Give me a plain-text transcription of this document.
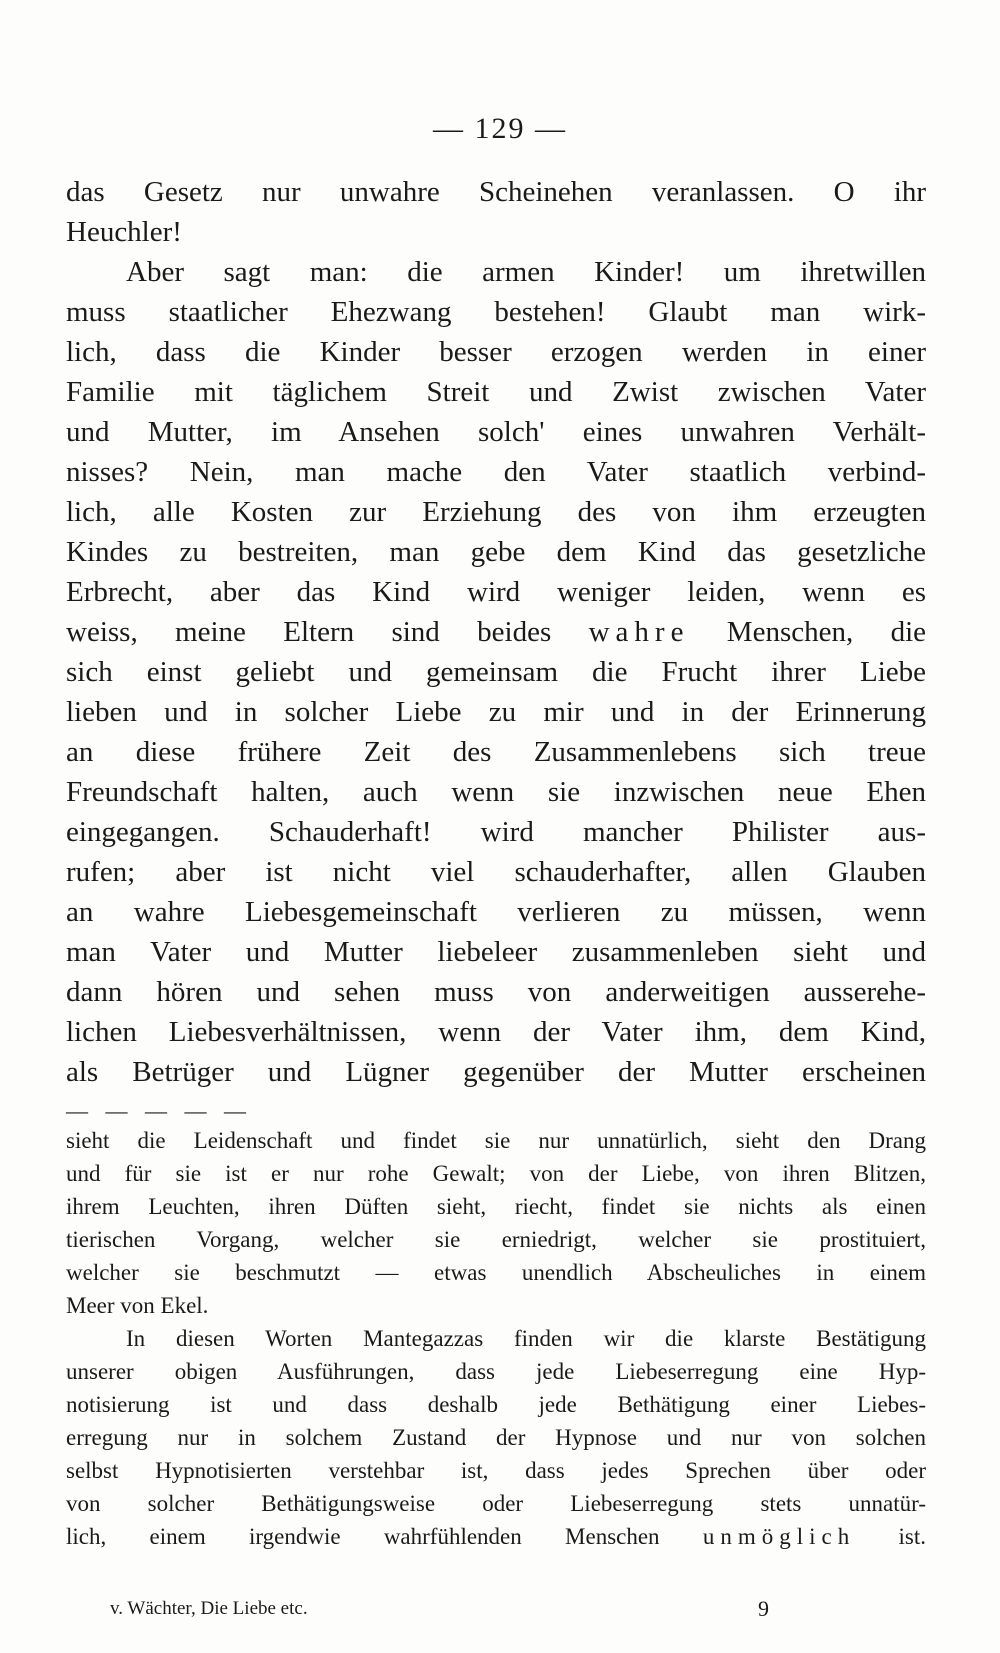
— 129 —
das Gesetz nur unwahre Scheinehen veranlassen. O ihr
Heuchler!
Aber sagt man: die armen Kinder! um ihretwillen
muss staatlicher Ehezwang bestehen! Glaubt man wirk-
lich, dass die Kinder besser erzogen werden in einer
Familie mit täglichem Streit und Zwist zwischen Vater
und Mutter, im Ansehen solch' eines unwahren Verhält-
nisses? Nein, man mache den Vater staatlich verbind-
lich, alle Kosten zur Erziehung des von ihm erzeugten
Kindes zu bestreiten, man gebe dem Kind das gesetzliche
Erbrecht, aber das Kind wird weniger leiden, wenn es
weiss, meine Eltern sind beides wahre Menschen, die
sich einst geliebt und gemeinsam die Frucht ihrer Liebe
lieben und in solcher Liebe zu mir und in der Erinnerung
an diese frühere Zeit des Zusammenlebens sich treue
Freundschaft halten, auch wenn sie inzwischen neue Ehen
eingegangen. Schauderhaft! wird mancher Philister aus-
rufen; aber ist nicht viel schauderhafter, allen Glauben
an wahre Liebesgemeinschaft verlieren zu müssen, wenn
man Vater und Mutter liebeleer zusammenleben sieht und
dann hören und sehen muss von anderweitigen ausserehe-
lichen Liebesverhältnissen, wenn der Vater ihm, dem Kind,
als Betrüger und Lügner gegenüber der Mutter erscheinen
— — — — —
sieht die Leidenschaft und findet sie nur unnatürlich, sieht den Drang
und für sie ist er nur rohe Gewalt; von der Liebe, von ihren Blitzen,
ihrem Leuchten, ihren Düften sieht, riecht, findet sie nichts als einen
tierischen Vorgang, welcher sie erniedrigt, welcher sie prostituiert,
welcher sie beschmutzt — etwas unendlich Abscheuliches in einem
Meer von Ekel.
In diesen Worten Mantegazzas finden wir die klarste Bestätigung
unserer obigen Ausführungen, dass jede Liebeserregung eine Hyp-
notisierung ist und dass deshalb jede Bethätigung einer Liebes-
erregung nur in solchem Zustand der Hypnose und nur von solchen
selbst Hypnotisierten verstehbar ist, dass jedes Sprechen über oder
von solcher Bethätigungsweise oder Liebeserregung stets unnatür-
lich, einem irgendwie wahrfühlenden Menschen unmöglich ist.
v. Wächter, Die Liebe etc.	9
